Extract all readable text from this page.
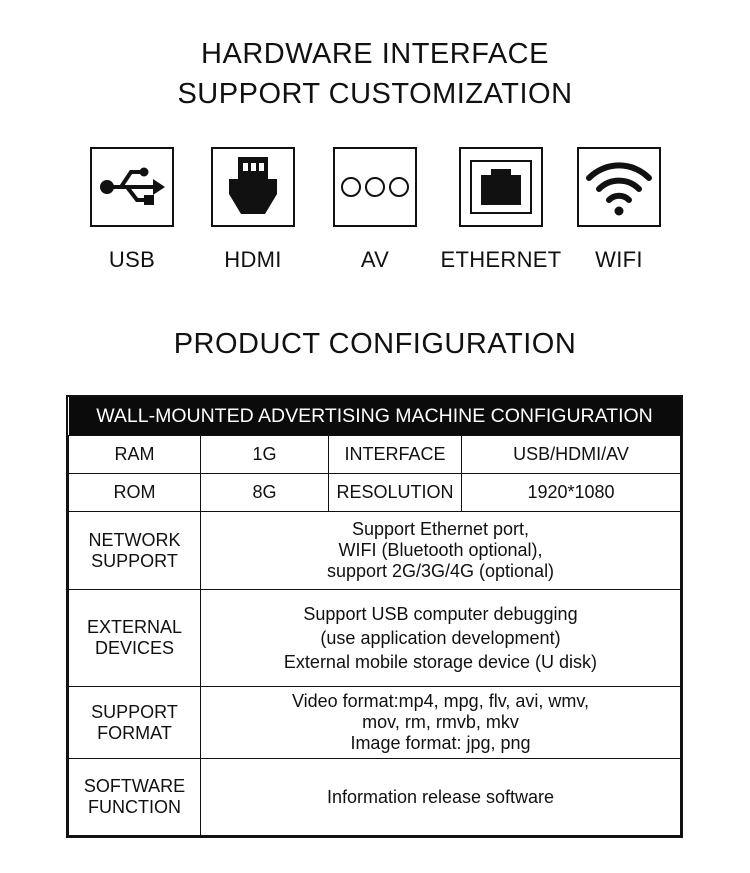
HARDWARE INTERFACE
SUPPORT CUSTOMIZATION
USB	HDMI	AV	ETHERNET	WIFI
PRODUCT CONFIGURATION
WALL-MOUNTED ADVERTISING MACHINE CONFIGURATION			
RAM	1G	INTERFACE	USB/HDMI/AV
ROM	8G	RESOLUTION	1920*1080

NETWORK
SUPPORT	Support Ethernet port,
WIFI (Bluetooth optional),
support 2G/3G/4G (optional)		

EXTERNAL
DEVICES	Support USB computer debugging
(use application development)
External mobile storage device (U disk)		

SUPPORT
FORMAT	Video format:mp4, mpg, flv, avi, wmv,
mov, rm, rmvb, mkv
Image format: jpg, png		

SOFTWARE
FUNCTION	Information release software		
